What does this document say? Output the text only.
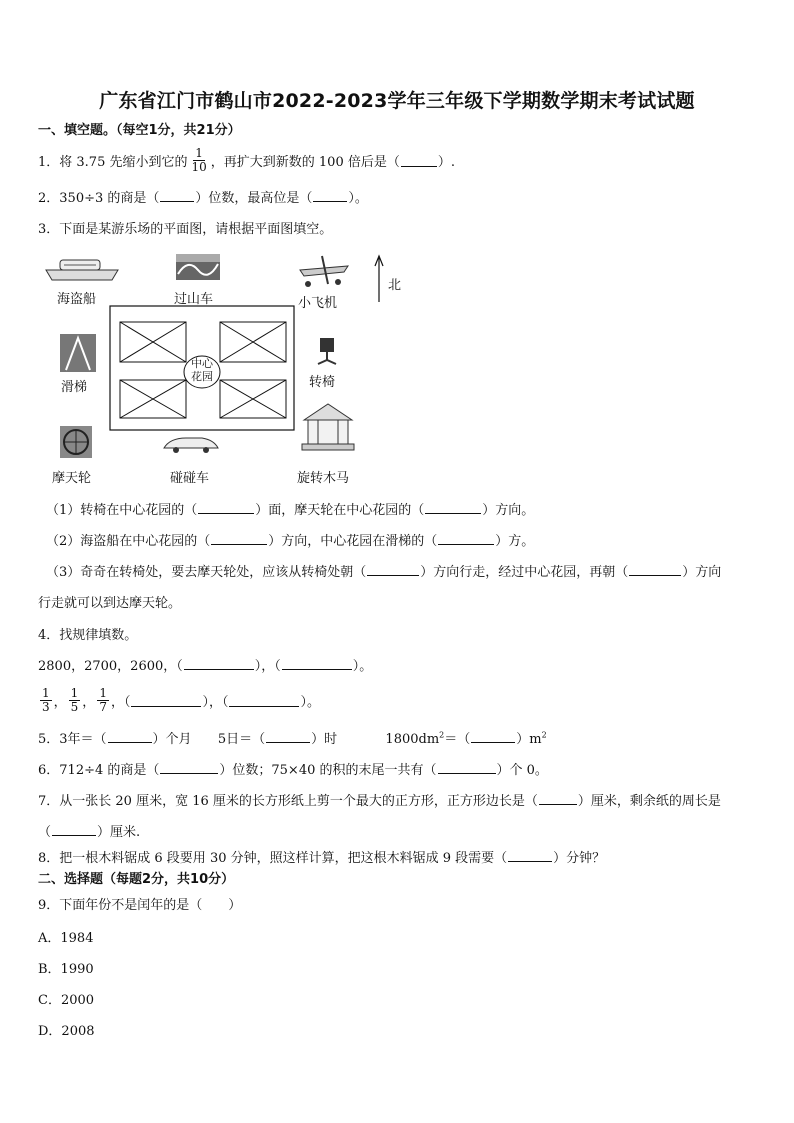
广东省江门市鹤山市2022-2023学年三年级下学期数学期末考试试题
一、填空题。（每空1分，共21分）
1．将 3.75 先缩小到它的 $\frac{1}{10}$ ，再扩大到新数的 100 倍后是（	）.
2．350÷3 的商是（	）位数，最高位是（	）。
3．下面是某游乐场的平面图，请根据平面图填空。
海盗船	过山车	小飞机
北
滑梯	转椅
中心
花园
摩天轮	碰碰车	旋转木马
（1）转椅在中心花园的（	）面，摩天轮在中心花园的（	）方向。
（2）海盗船在中心花园的（	）方向，中心花园在滑梯的（	）方。
（3）奇奇在转椅处，要去摩天轮处，应该从转椅处朝（	）方向行走，经过中心花园，再朝（	）方向
行走就可以到达摩天轮。
4．找规律填数。
2800，2700，2600，（	），（	）。
$\frac{1}{3}$ ， $\frac{1}{5}$ ， $\frac{1}{7}$ ，（	），（	）。
5．3年＝（	）个月 5日＝（	）时	$1800dm^2=$（	）$m^2$
6．712÷4 的商是（	）位数；75×40 的积的末尾一共有（	）个 0。
7．从一张长 20 厘米，宽 16 厘米的长方形纸上剪一个最大的正方形，正方形边长是（	）厘米，剩余纸的周长是
（	）厘米.
8．把一根木料锯成 6 段要用 30 分钟，照这样计算，把这根木料锯成 9 段需要（	）分钟？
二、选择题（每题2分，共10分）
9．下面年份不是闰年的是（　　）
A．1984
B．1990
C．2000
D．2008
